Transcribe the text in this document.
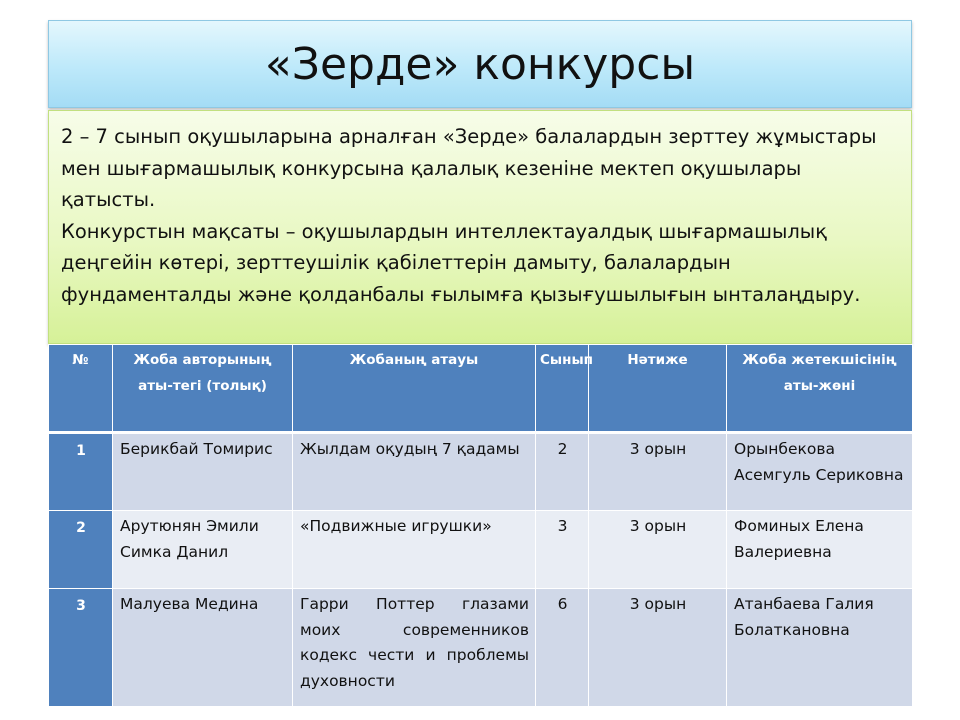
«Зерде» конкурсы

2 – 7 сынып оқушыларына арналған «Зерде» балалардын зерттеу жұмыстары мен шығармашылық конкурсына қалалық кезеніне мектеп оқушылары қатысты.

Конкурстын мақсаты – оқушылардын интеллектауалдық шығармашылық деңгейін көтері, зерттеушілік қабілеттерін дамыту, балалардын фундаменталды және қолданбалы ғылымға қызығушылығын ынталаңдыру.

№	Жоба авторының аты-тегі (толық)	Жобаның атауы	Сынып	Нәтиже	Жоба жетекшісінің аты-жөні
1	Берикбай Томирис	Жылдам оқудың 7 қадамы	2	3 орын	Орынбекова Асемгуль Сериковна
2	Арутюнян Эмили Симка Данил	«Подвижные игрушки»	3	3 орын	Фоминых Елена Валериевна
3	Малуева Медина	Гарри Поттер глазами моих современников кодекс чести и проблемы духовности	6	3 орын	Атанбаева Галия Болаткановна
